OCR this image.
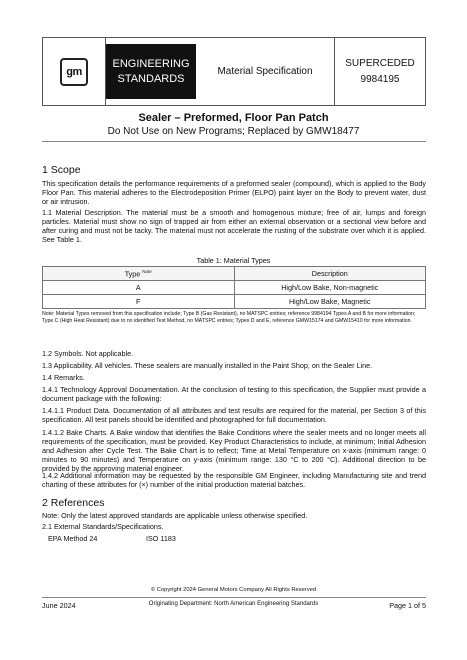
gm
ENGINEERING
STANDARDS
Material Specification
SUPERCEDED
9984195
Sealer – Preformed, Floor Pan Patch
Do Not Use on New Programs; Replaced by GMW18477
1 Scope
This specification details the performance requirements of a preformed sealer (compound), which is applied to the Body Floor Pan. This material adheres to the Electrodeposition Primer (ELPO) paint layer on the Body to prevent water, dust or air intrusion.
1.1 Material Description. The material must be a smooth and homogenous mixture; free of air, lumps and foreign particles. Material must show no sign of trapped air from either an external observation or a sectional view before and after curing and must not be tacky. The material must not accelerate the rusting of the substrate over which it is applied. See Table 1.
Table 1: Material Types
Type $^{Note}$	Description
A	High/Low Bake, Non-magnetic
F	High/Low Bake, Magnetic
Note: Material Types removed from this specification include; Type B (Gas Resistant), no MATSPC entries; reference 9984194 Types A and B for more information; Type C (High Heat Resistant) due to no identified Test Method, no MATSPC entries; Types D and E, reference GMW15174 and GMW15410 for more information.
1.2 Symbols. Not applicable.
1.3 Applicability. All vehicles. These sealers are manually installed in the Paint Shop, on the Sealer Line.
1.4 Remarks.
1.4.1 Technology Approval Documentation. At the conclusion of testing to this specification, the Supplier must provide a document package with the following:
1.4.1.1 Product Data. Documentation of all attributes and test results are required for the material, per Section 3 of this specification. All test panels should be identified and photographed for full documentation.
1.4.1.2 Bake Charts. A Bake window that identifies the Bake Conditions where the sealer meets and no longer meets all requirements of the specification, must be provided. Key Product Characteristics to include, at minimum; Initial Adhesion and Adhesion after Cycle Test. The Bake Chart is to reflect; Time at Metal Temperature on x-axis (minimum range: 0 minutes to 90 minutes) and Temperature on y-axis (minimum range: 130 °C to 200 °C). Additional direction to be provided by the approving material engineer.
1.4.2 Additional information may be requested by the responsible GM Engineer, including Manufacturing site and trend charting of these attributes for (×) number of the initial production material batches.
2 References
Note: Only the latest approved standards are applicable unless otherwise specified.
2.1 External Standards/Specifications.
EPA Method 24	ISO 1183
© Copyright 2024 General Motors Company All Rights Reserved
June 2024	Originating Department: North American Engineering Standards	Page 1 of 5
